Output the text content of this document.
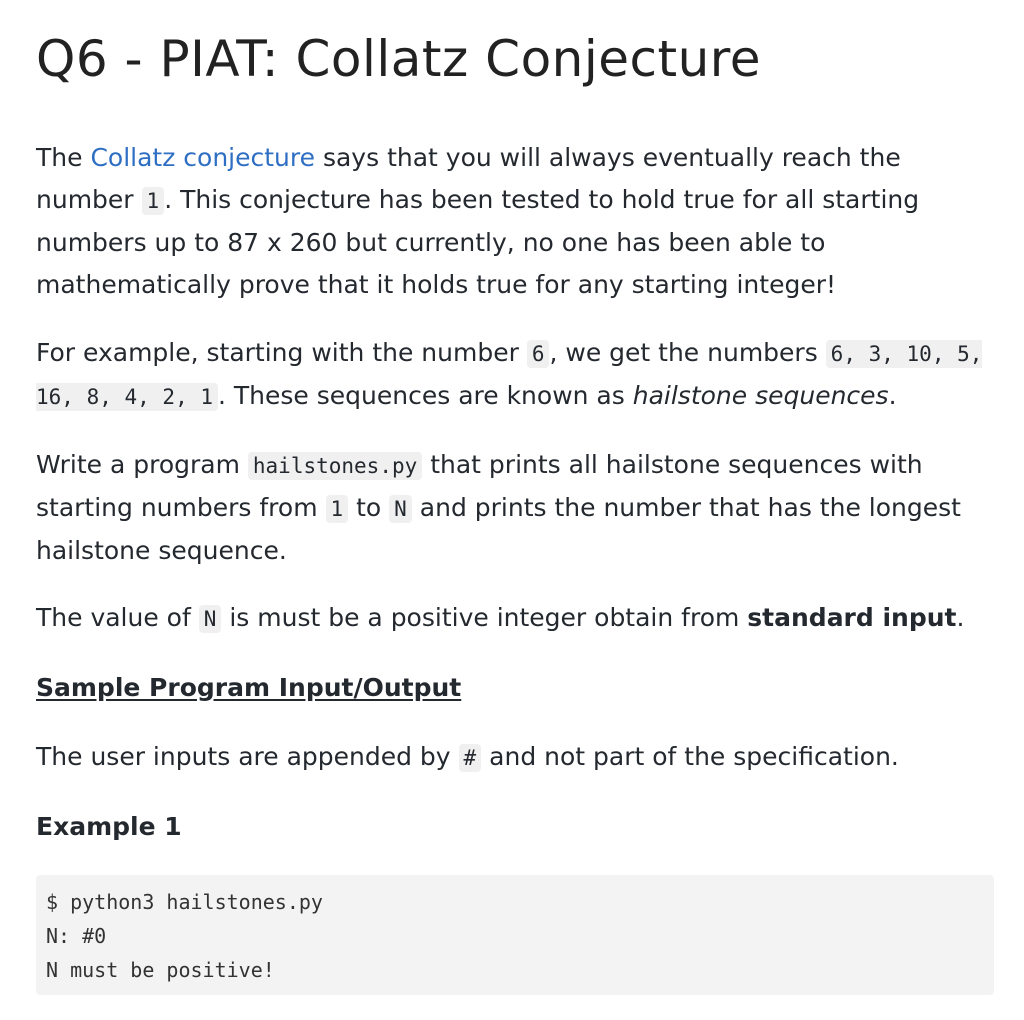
Q6 - PIAT: Collatz Conjecture

The Collatz conjecture says that you will always eventually reach the number 1 . This conjecture has been tested to hold true for all starting numbers up to 87 x 260 but currently, no one has been able to mathematically prove that it holds true for any starting integer!

For example, starting with the number 6 , we get the numbers 6, 3, 10, 5, 16, 8, 4, 2, 1 . These sequences are known as hailstone sequences.

Write a program hailstones.py that prints all hailstone sequences with starting numbers from 1 to N and prints the number that has the longest hailstone sequence.

The value of N is must be a positive integer obtain from standard input.

Sample Program Input/Output

The user inputs are appended by # and not part of the specification.

Example 1

$ python3 hailstones.py
N: #0
N must be positive!
